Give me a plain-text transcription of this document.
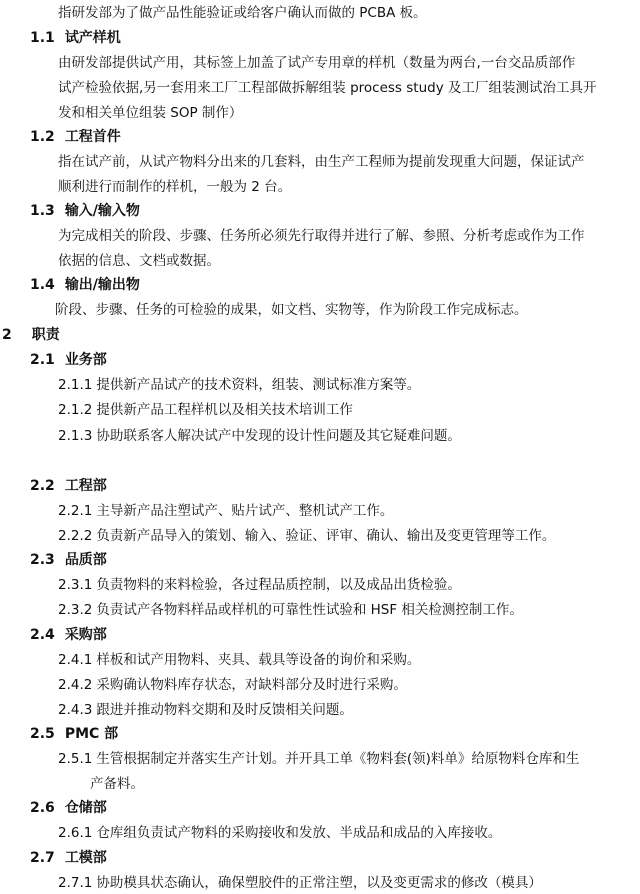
指研发部为了做产品性能验证或给客户确认而做的 PCBA 板。
1.1 试产样机
由研发部提供试产用，其标签上加盖了试产专用章的样机（数量为两台,一台交品质部作
试产检验依据,另一套用来工厂工程部做拆解组装 process study 及工厂组装测试治工具开
发和相关单位组装 SOP 制作）
1.2 工程首件
指在试产前，从试产物料分出来的几套料，由生产工程师为提前发现重大问题，保证试产
顺利进行而制作的样机，一般为 2 台。
1.3 输入/输入物
为完成相关的阶段、步骤、任务所必须先行取得并进行了解、参照、分析考虑或作为工作
依据的信息、文档或数据。
1.4 输出/输出物
阶段、步骤、任务的可检验的成果，如文档、实物等，作为阶段工作完成标志。
2 职责
2.1 业务部
2.1.1 提供新产品试产的技术资料，组装、测试标准方案等。
2.1.2 提供新产品工程样机以及相关技术培训工作
2.1.3 协助联系客人解决试产中发现的设计性问题及其它疑难问题。
2.2 工程部
2.2.1 主导新产品注塑试产、贴片试产、整机试产工作。
2.2.2 负责新产品导入的策划、输入、验证、评审、确认、输出及变更管理等工作。
2.3 品质部
2.3.1 负责物料的来料检验，各过程品质控制，以及成品出货检验。
2.3.2 负责试产各物料样品或样机的可靠性性试验和 HSF 相关检测控制工作。
2.4 采购部
2.4.1 样板和试产用物料、夹具、载具等设备的询价和采购。
2.4.2 采购确认物料库存状态，对缺料部分及时进行采购。
2.4.3 跟进并推动物料交期和及时反馈相关问题。
2.5 PMC 部
2.5.1 生管根据制定并落实生产计划。并开具工单《物料套(领)料单》给原物料仓库和生
产备料。
2.6 仓储部
2.6.1 仓库组负责试产物料的采购接收和发放、半成品和成品的入库接收。
2.7 工模部
2.7.1 协助模具状态确认，确保塑胶件的正常注塑，以及变更需求的修改（模具）
